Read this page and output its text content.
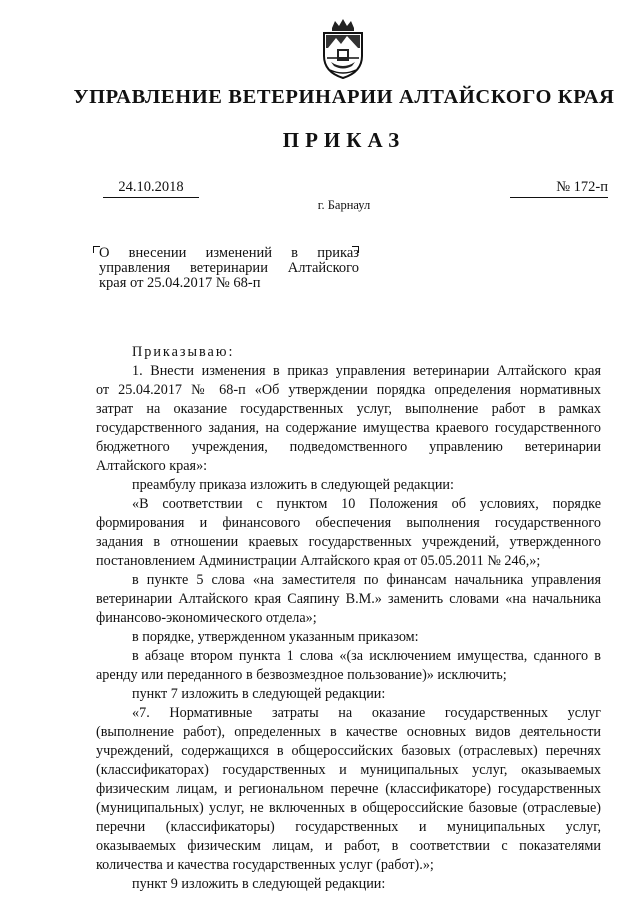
УПРАВЛЕНИЕ ВЕТЕРИНАРИИ АЛТАЙСКОГО КРАЯ
ПРИКАЗ
24.10.2018	№ 172-п
г. Барнаул
О внесении изменений в приказ
управления ветеринарии Алтайского
края от 25.04.2017 № 68-п
Приказываю:
1. Внести изменения в приказ управления ветеринарии Алтайского края
от 25.04.2017 № 68-п «Об утверждении порядка определения нормативных
затрат на оказание государственных услуг, выполнение работ в рамках
государственного задания, на содержание имущества краевого государственного
бюджетного учреждения, подведомственного управлению ветеринарии
Алтайского края»:
преамбулу приказа изложить в следующей редакции:
«В соответствии с пунктом 10 Положения об условиях, порядке
формирования и финансового обеспечения выполнения государственного
задания в отношении краевых государственных учреждений, утвержденного
постановлением Администрации Алтайского края от 05.05.2011 № 246,»;
в пункте 5 слова «на заместителя по финансам начальника управления
ветеринарии Алтайского края Саяпину В.М.» заменить словами «на начальника
финансово-экономического отдела»;
в порядке, утвержденном указанным приказом:
в абзаце втором пункта 1 слова «(за исключением имущества, сданного в
аренду или переданного в безвозмездное пользование)» исключить;
пункт 7 изложить в следующей редакции:
«7. Нормативные затраты на оказание государственных услуг
(выполнение работ), определенных в качестве основных видов деятельности
учреждений, содержащихся в общероссийских базовых (отраслевых) перечнях
(классификаторах) государственных и муниципальных услуг, оказываемых
физическим лицам, и региональном перечне (классификаторе) государственных
(муниципальных) услуг, не включенных в общероссийские базовые (отраслевые)
перечни (классификаторы) государственных и муниципальных услуг,
оказываемых физическим лицам, и работ, в соответствии с показателями
количества и качества государственных услуг (работ).»;
пункт 9 изложить в следующей редакции:
